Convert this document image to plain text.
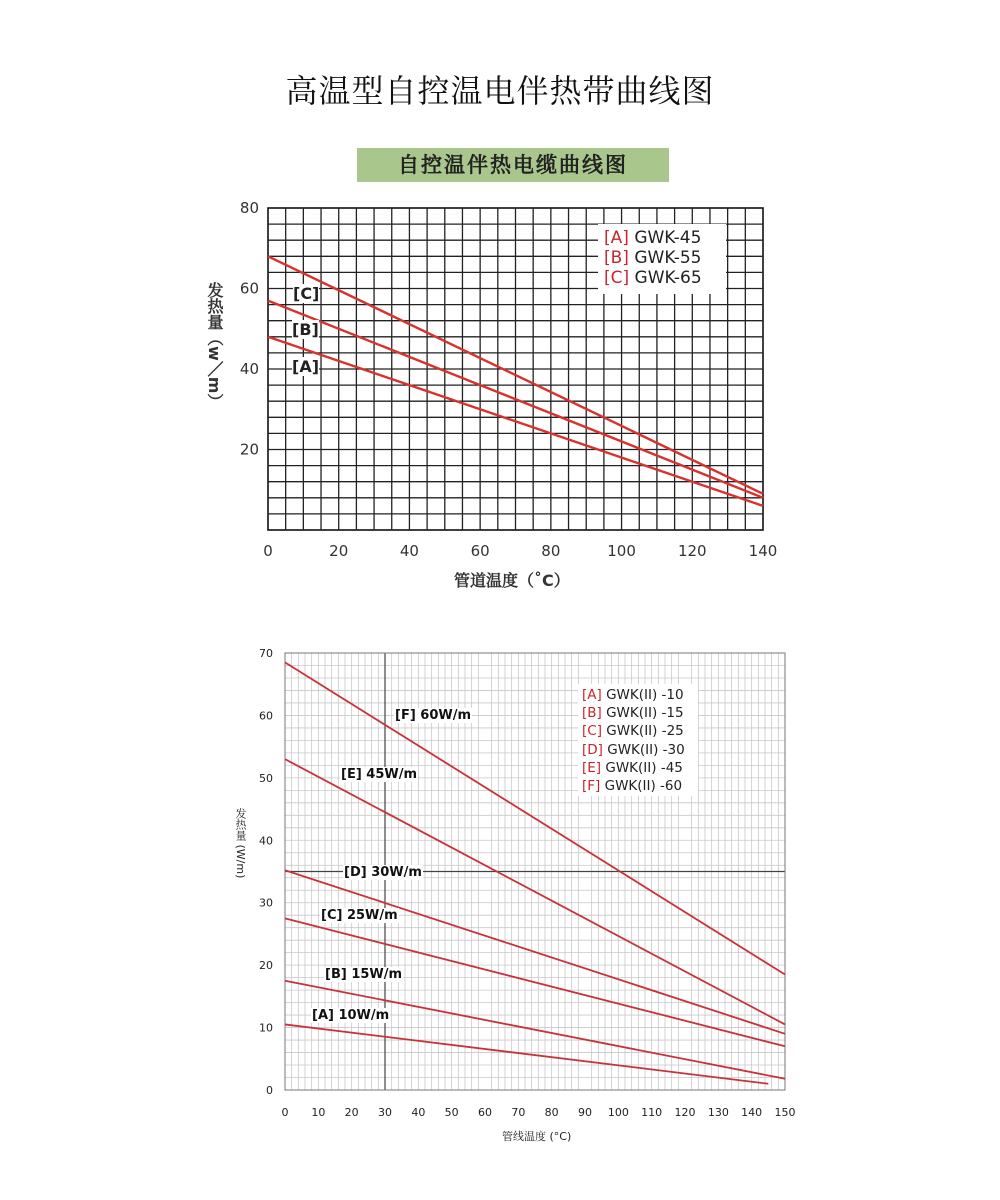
高温型自控温电伴热带曲线图
自控温伴热电缆曲线图
0	20	40	60	80	100	120	140
20
40
60
80
0 10 20 30 40 50 60 70 80 90 100 110 120 130 140 150
0
10
20
30
40
50
60
70
发热量（w／m）
管道温度（˚C）
[A] GWK-45
[B] GWK-55
[C] GWK-65
[C]
[B]
[A]
发热量 (W/m)
管线温度 (°C)
[A] GWK(II) -10
[B] GWK(II) -15
[C] GWK(II) -25
[D] GWK(II) -30
[E] GWK(II) -45
[F] GWK(II) -60
[F] 60W/m
[E] 45W/m
[D] 30W/m
[C] 25W/m
[B] 15W/m
[A] 10W/m
